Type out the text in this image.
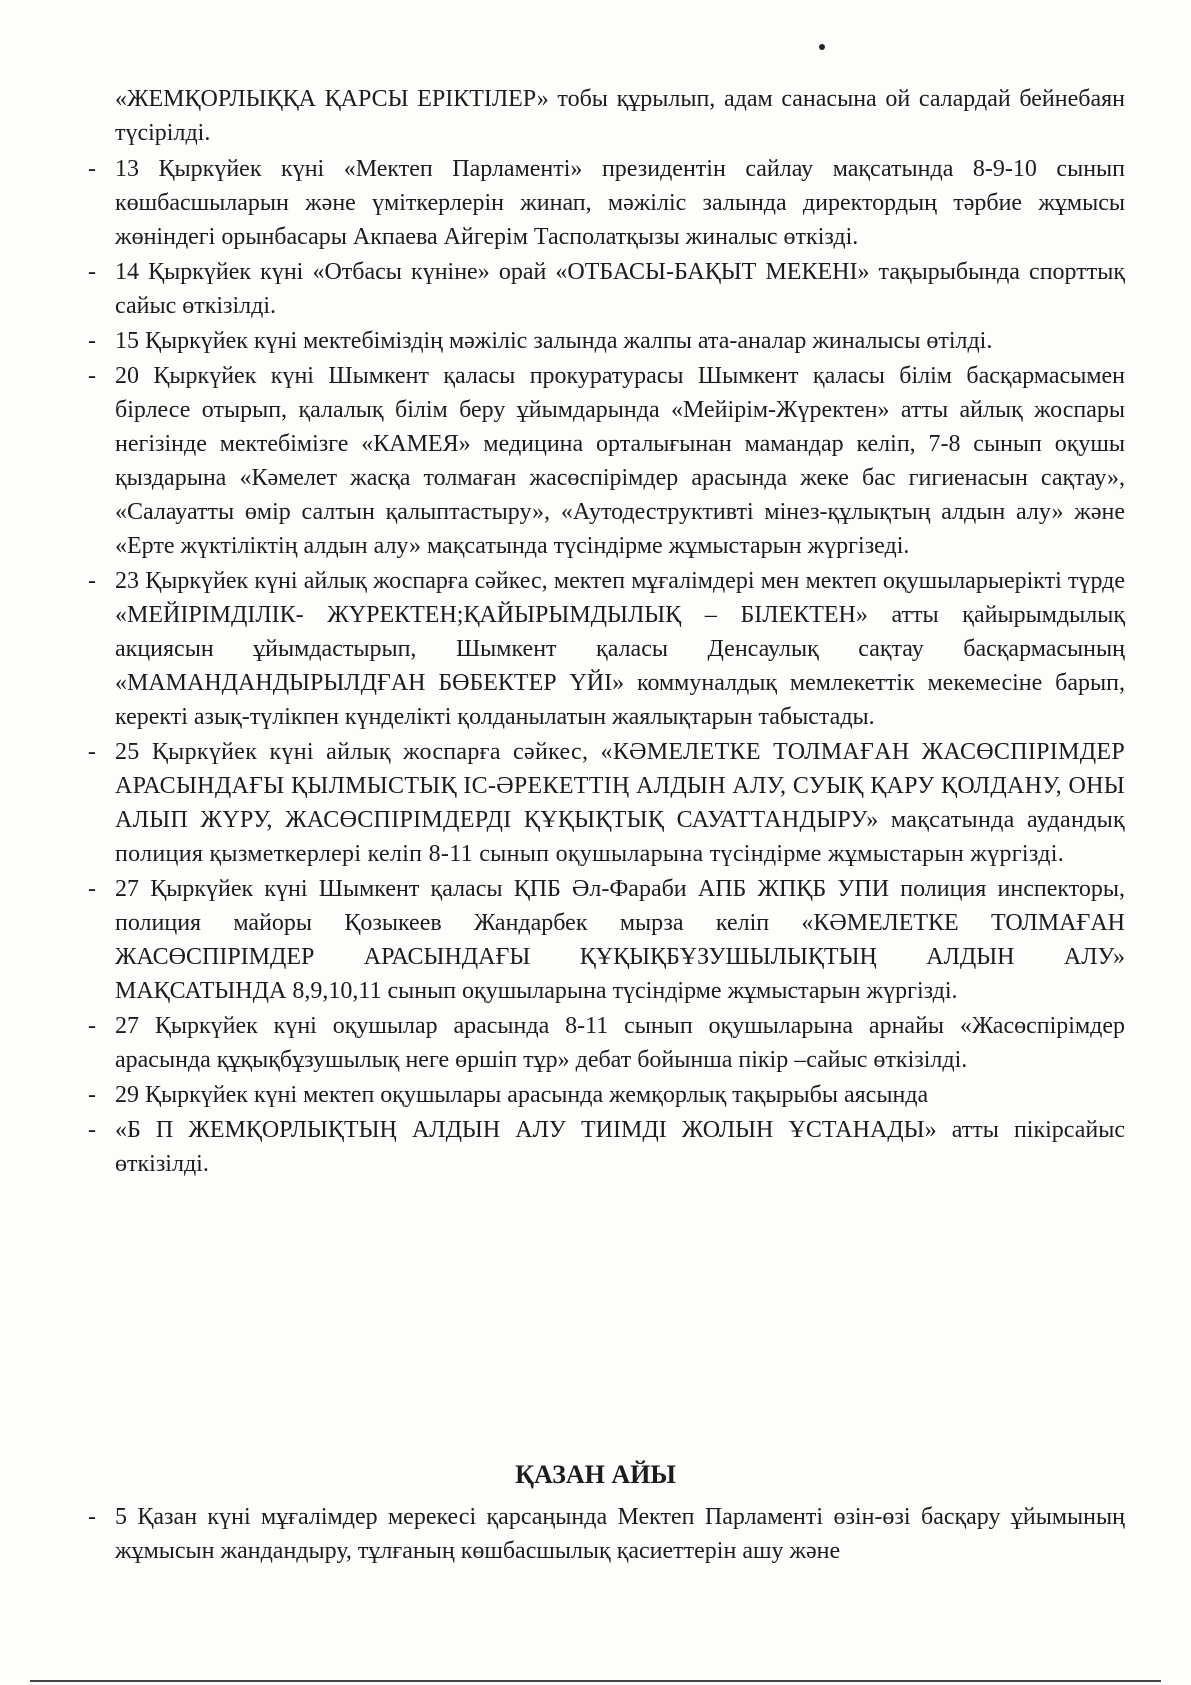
«ЖЕМҚОРЛЫҚҚА ҚАРСЫ ЕРІКТІЛЕР» тобы құрылып, адам санасына ой салардай бейнебаян түсірілді.
- 13 Қыркүйек күні «Мектеп Парламенті» президентін сайлау мақсатында 8-9-10 сынып көшбасшыларын және үміткерлерін жинап, мәжіліс залында директордың тәрбие жұмысы жөніндегі орынбасары Акпаева Айгерім Тасполатқызы жиналыс өткізді.
- 14 Қыркүйек күні «Отбасы күніне» орай «ОТБАСЫ-БАҚЫТ МЕКЕНІ» тақырыбында спорттық сайыс өткізілді.
- 15 Қыркүйек күні мектебіміздің мәжіліс залында жалпы ата-аналар жиналысы өтілді.
- 20 Қыркүйек күні Шымкент қаласы прокуратурасы Шымкент қаласы білім басқармасымен бірлесе отырып, қалалық білім беру ұйымдарында «Мейірім-Жүректен» атты айлық жоспары негізінде мектебімізге «КАМЕЯ» медицина орталығынан мамандар келіп, 7-8 сынып оқушы қыздарына «Кәмелет жасқа толмаған жасөспірімдер арасында жеке бас гигиенасын сақтау», «Салауатты өмір салтын қалыптастыру», «Аутодеструктивті мінез-құлықтың алдын алу» және «Ерте жүктіліктің алдын алу» мақсатында түсіндірме жұмыстарын жүргізеді.
- 23 Қыркүйек күні айлық жоспарға сәйкес, мектеп мұғалімдері мен мектеп оқушыларыерікті түрде «МЕЙІРІМДІЛІК- ЖҮРЕКТЕН;ҚАЙЫРЫМДЫЛЫҚ – БІЛЕКТЕН» атты қайырымдылық акциясын ұйымдастырып, Шымкент қаласы Денсаулық сақтау басқармасының «МАМАНДАНДЫРЫЛДҒАН БӨБЕКТЕР ҮЙІ» коммуналдық мемлекеттік мекемесіне барып, керекті азық-түлікпен күнделікті қолданылатын жаялықтарын табыстады.
- 25 Қыркүйек күні айлық жоспарға сәйкес, «КӘМЕЛЕТКЕ ТОЛМАҒАН ЖАСӨСПІРІМДЕР АРАСЫНДАҒЫ ҚЫЛМЫСТЫҚ ІС-ӘРЕКЕТТІҢ АЛДЫН АЛУ, СУЫҚ ҚАРУ ҚОЛДАНУ, ОНЫ АЛЫП ЖҮРУ, ЖАСӨСПІРІМДЕРДІ ҚҰҚЫҚТЫҚ САУАТТАНДЫРУ» мақсатында аудандық полиция қызметкерлері келіп 8-11 сынып оқушыларына түсіндірме жұмыстарын жүргізді.
- 27 Қыркүйек күні Шымкент қаласы ҚПБ Әл-Фараби АПБ ЖПҚБ УПИ полиция инспекторы, полиция майоры Қозыкеев Жандарбек мырза келіп «КӘМЕЛЕТКЕ ТОЛМАҒАН ЖАСӨСПІРІМДЕР АРАСЫНДАҒЫ ҚҰҚЫҚБҰЗУШЫЛЫҚТЫҢ АЛДЫН АЛУ» МАҚСАТЫНДА 8,9,10,11 сынып оқушыларына түсіндірме жұмыстарын жүргізді.
- 27 Қыркүйек күні оқушылар арасында 8-11 сынып оқушыларына арнайы «Жасөспірімдер арасында құқықбұзушылық неге өршіп тұр» дебат бойынша пікір –сайыс өткізілді.
- 29 Қыркүйек күні мектеп оқушылары арасында жемқорлық тақырыбы аясында
- «Б П ЖЕМҚОРЛЫҚТЫҢ АЛДЫН АЛУ ТИІМДІ ЖОЛЫН ҰСТАНАДЫ» атты пікірсайыс өткізілді.
ҚАЗАН АЙЫ
- 5 Қазан күні мұғалімдер мерекесі қарсаңында Мектеп Парламенті өзін-өзі басқару ұйымының жұмысын жандандыру, тұлғаның көшбасшылық қасиеттерін ашу және
